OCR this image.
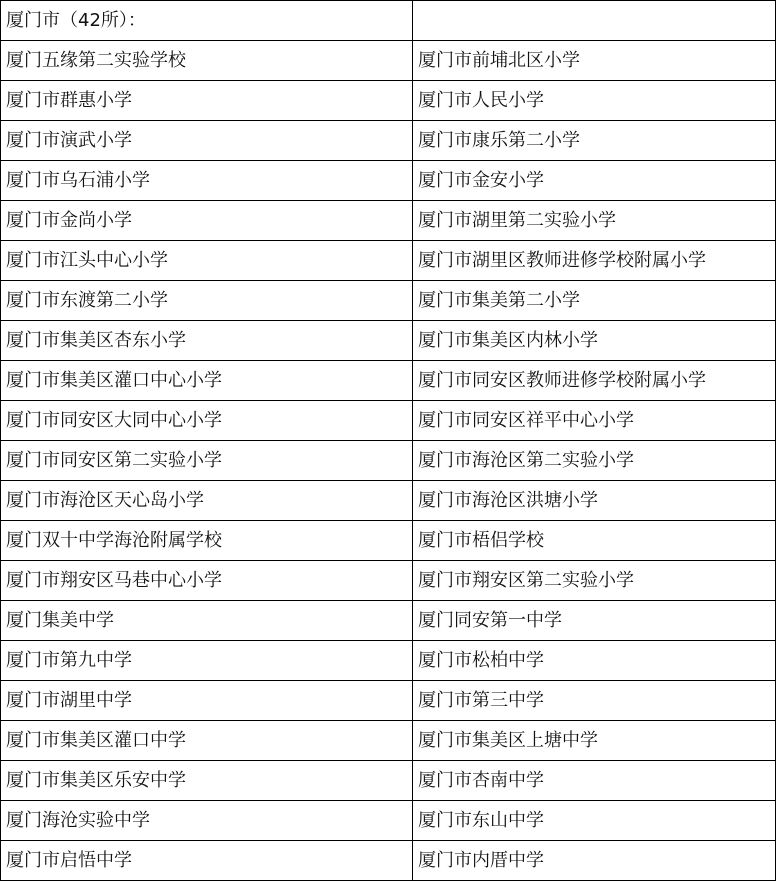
厦门市（42所）：	
厦门五缘第二实验学校	厦门市前埔北区小学
厦门市群惠小学	厦门市人民小学
厦门市演武小学	厦门市康乐第二小学
厦门市乌石浦小学	厦门市金安小学
厦门市金尚小学	厦门市湖里第二实验小学
厦门市江头中心小学	厦门市湖里区教师进修学校附属小学
厦门市东渡第二小学	厦门市集美第二小学
厦门市集美区杏东小学	厦门市集美区内林小学
厦门市集美区灌口中心小学	厦门市同安区教师进修学校附属小学
厦门市同安区大同中心小学	厦门市同安区祥平中心小学
厦门市同安区第二实验小学	厦门市海沧区第二实验小学
厦门市海沧区天心岛小学	厦门市海沧区洪塘小学
厦门双十中学海沧附属学校	厦门市梧侣学校
厦门市翔安区马巷中心小学	厦门市翔安区第二实验小学
厦门集美中学	厦门同安第一中学
厦门市第九中学	厦门市松柏中学
厦门市湖里中学	厦门市第三中学
厦门市集美区灌口中学	厦门市集美区上塘中学
厦门市集美区乐安中学	厦门市杏南中学
厦门海沧实验中学	厦门市东山中学
厦门市启悟中学	厦门市内厝中学
